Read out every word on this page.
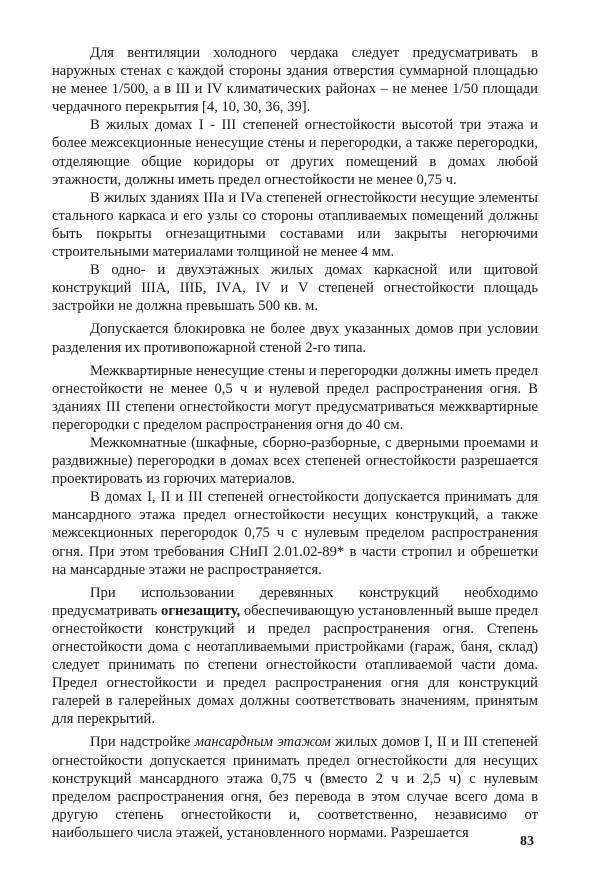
Для вентиляции холодного чердака следует предусматривать в наружных стенах с каждой стороны здания отверстия суммарной площадью не менее 1/500, а в III и IV климатических районах – не менее 1/50 площади чердачного перекрытия [4, 10, 30, 36, 39].

В жилых домах I - III степеней огнестойкости высотой три этажа и более межсекционные ненесущие стены и перегородки, а также перегородки, отделяющие общие коридоры от других помещений в домах любой этажности, должны иметь предел огнестойкости не менее 0,75 ч.

В жилых зданиях IIIа и IVа степеней огнестойкости несущие элементы стального каркаса и его узлы со стороны отапливаемых помещений должны быть покрыты огнезащитными составами или закрыты негорючими строительными материалами толщиной не менее 4 мм.

В одно- и двухэтажных жилых домах каркасной или щитовой конструкций IIIА, IIIБ, IVА, IV и V степеней огнестойкости площадь застройки не должна превышать 500 кв. м.

Допускается блокировка не более двух указанных домов при условии разделения их противопожарной стеной 2-го типа.

Межквартирные ненесущие стены и перегородки должны иметь предел огнестойкости не менее 0,5 ч и нулевой предел распространения огня. В зданиях III степени огнестойкости могут предусматриваться межквартирные перегородки с пределом распространения огня до 40 см.

Межкомнатные (шкафные, сборно-разборные, с дверными проемами и раздвижные) перегородки в домах всех степеней огнестойкости разрешается проектировать из горючих материалов.

В домах I, II и III степеней огнестойкости допускается принимать для мансардного этажа предел огнестойкости несущих конструкций, а также межсекционных перегородок 0,75 ч с нулевым пределом распространения огня. При этом требования СНиП 2.01.02-89* в части стропил и обрешетки на мансардные этажи не распространяется.

При использовании деревянных конструкций необходимо предусматривать огнезащиту, обеспечивающую установленный выше предел огнестойкости конструкций и предел распространения огня. Степень огнестойкости дома с неотапливаемыми пристройками (гараж, баня, склад) следует принимать по степени огнестойкости отапливаемой части дома. Предел огнестойкости и предел распространения огня для конструкций галерей в галерейных домах должны соответствовать значениям, принятым для перекрытий.

При надстройке мансардным этажом жилых домов I, II и III степеней огнестойкости допускается принимать предел огнестойкости для несущих конструкций мансардного этажа 0,75 ч (вместо 2 ч и 2,5 ч) с нулевым пределом распространения огня, без перевода в этом случае всего дома в другую степень огнестойкости и, соответственно, независимо от наибольшего числа этажей, установленного нормами. Разрешается

83
